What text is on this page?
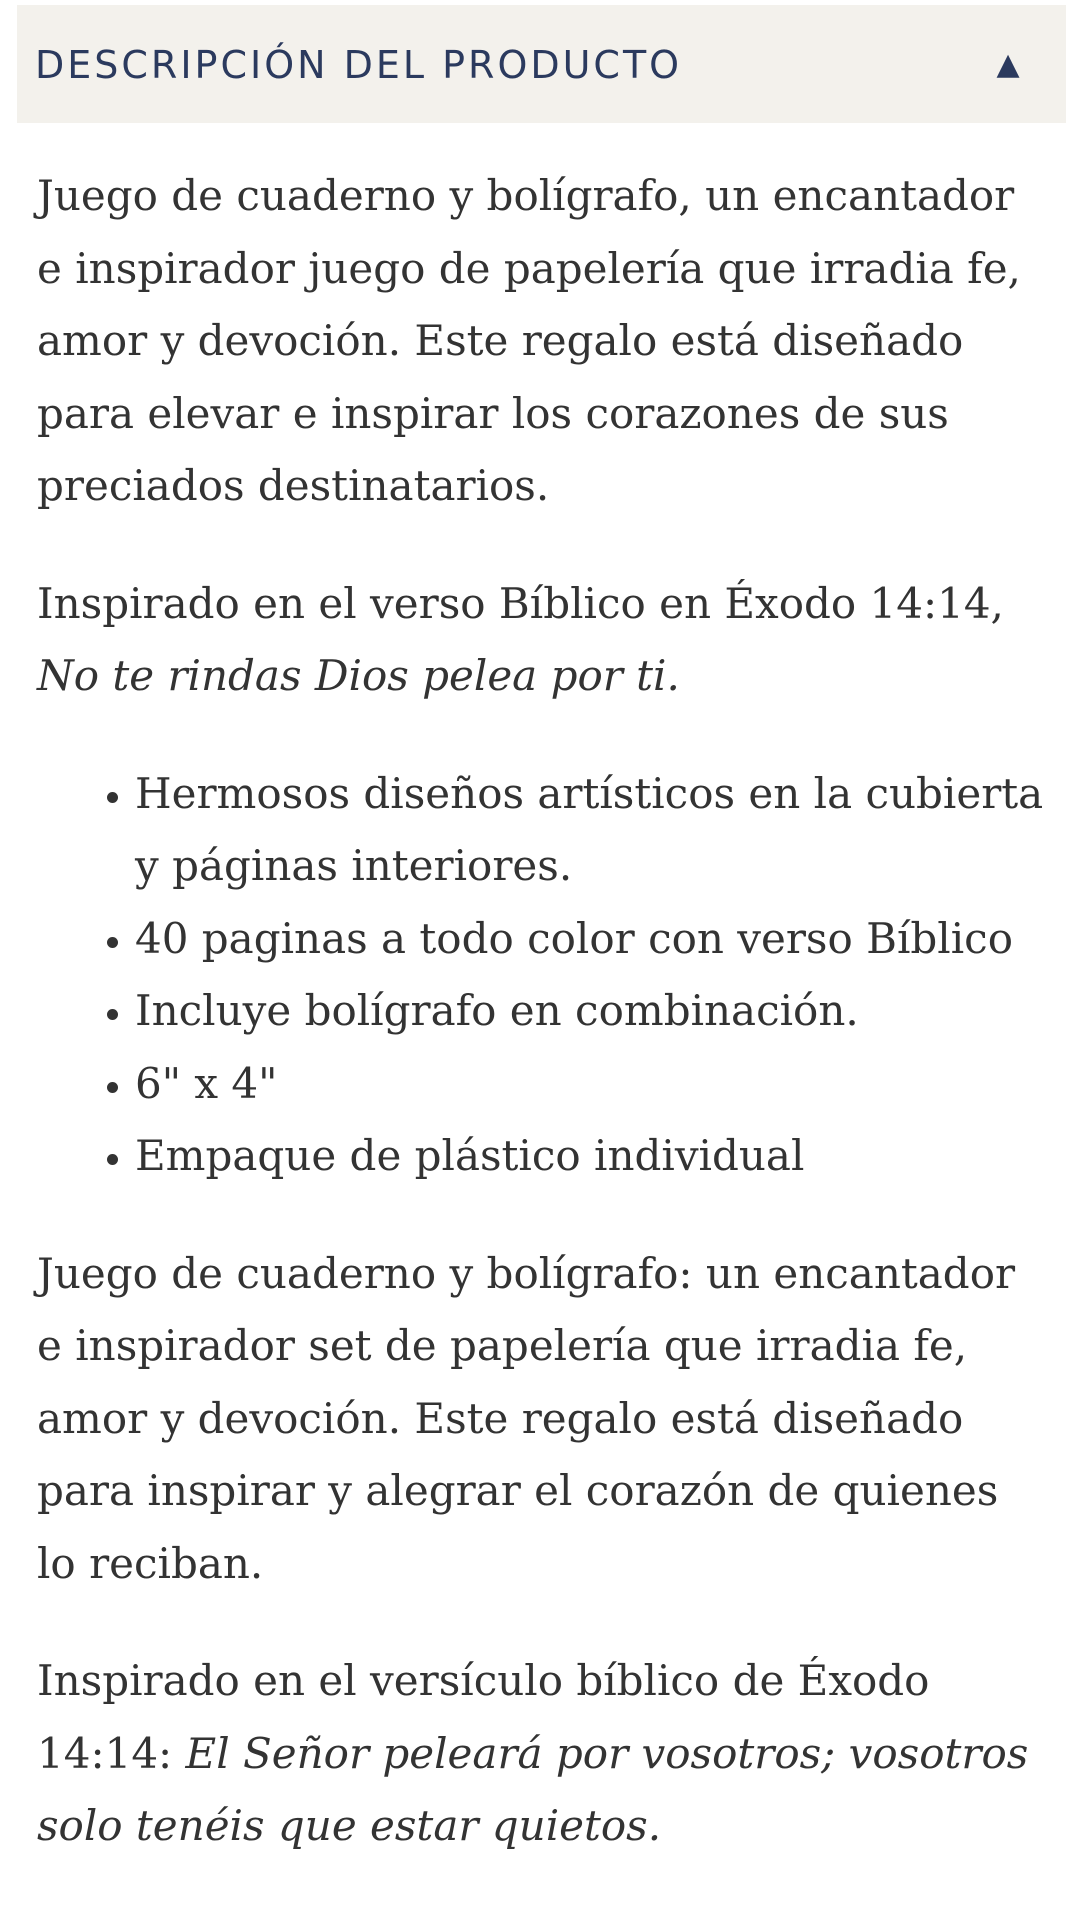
DESCRIPCIÓN DEL PRODUCTO	▲

Juego de cuaderno y bolígrafo, un encantador e inspirador juego de papelería que irradia fe, amor y devoción. Este regalo está diseñado para elevar e inspirar los corazones de sus preciados destinatarios.

Inspirado en el verso Bíblico en Éxodo 14:14,
No te rindas Dios pelea por ti.

• Hermosos diseños artísticos en la cubierta y páginas interiores.
• 40 paginas a todo color con verso Bíblico
• Incluye bolígrafo en combinación.
• 6" x 4"
• Empaque de plástico individual

Juego de cuaderno y bolígrafo: un encantador e inspirador set de papelería que irradia fe, amor y devoción. Este regalo está diseñado para inspirar y alegrar el corazón de quienes lo reciban.

Inspirado en el versículo bíblico de Éxodo 14:14: El Señor peleará por vosotros; vosotros solo tenéis que estar quietos.
